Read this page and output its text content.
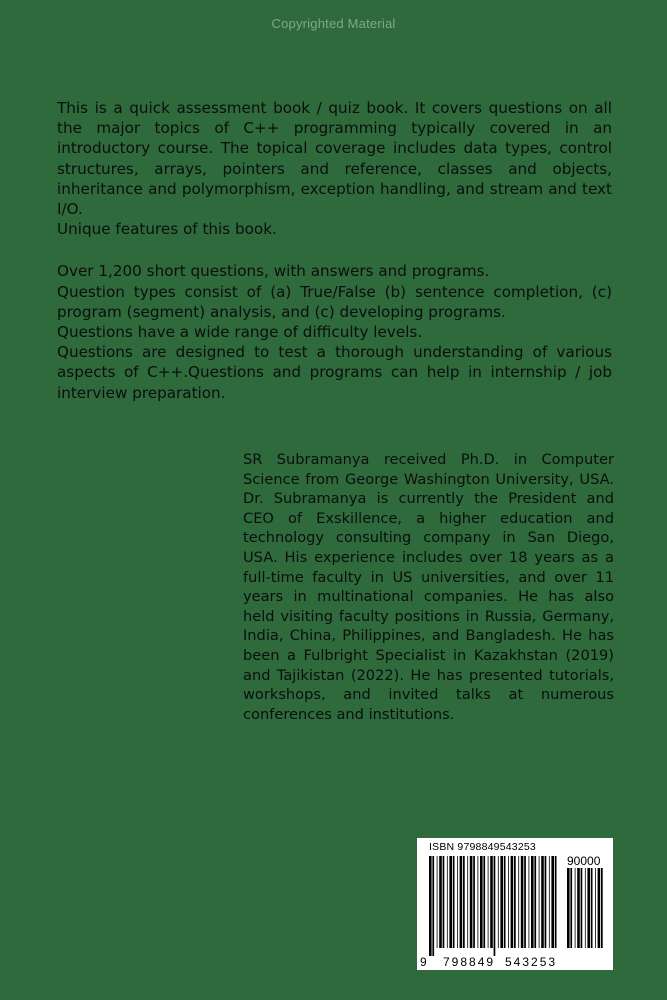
Copyrighted Material

This is a quick assessment book / quiz book. It covers questions on all the major topics of C++ programming typically covered in an introductory course. The topical coverage includes data types, control structures, arrays, pointers and reference, classes and objects, inheritance and polymorphism, exception handling, and stream and text I/O.

Unique features of this book.

Over 1,200 short questions, with answers and programs.

Question types consist of (a) True/False (b) sentence completion, (c) program (segment) analysis, and (c) developing programs.

Questions have a wide range of difficulty levels.

Questions are designed to test a thorough understanding of various aspects of C++.Questions and programs can help in internship / job interview preparation.

SR Subramanya received Ph.D. in Computer Science from George Washington University, USA. Dr. Subramanya is currently the President and CEO of Exskillence, a higher education and technology consulting company in San Diego, USA. His experience includes over 18 years as a full-time faculty in US universities, and over 11 years in multinational companies. He has also held visiting faculty positions in Russia, Germany, India, China, Philippines, and Bangladesh. He has been a Fulbright Specialist in Kazakhstan (2019) and Tajikistan (2022). He has presented tutorials, workshops, and invited talks at numerous conferences and institutions.

ISBN 9798849543253
90000
9 798849 543253
